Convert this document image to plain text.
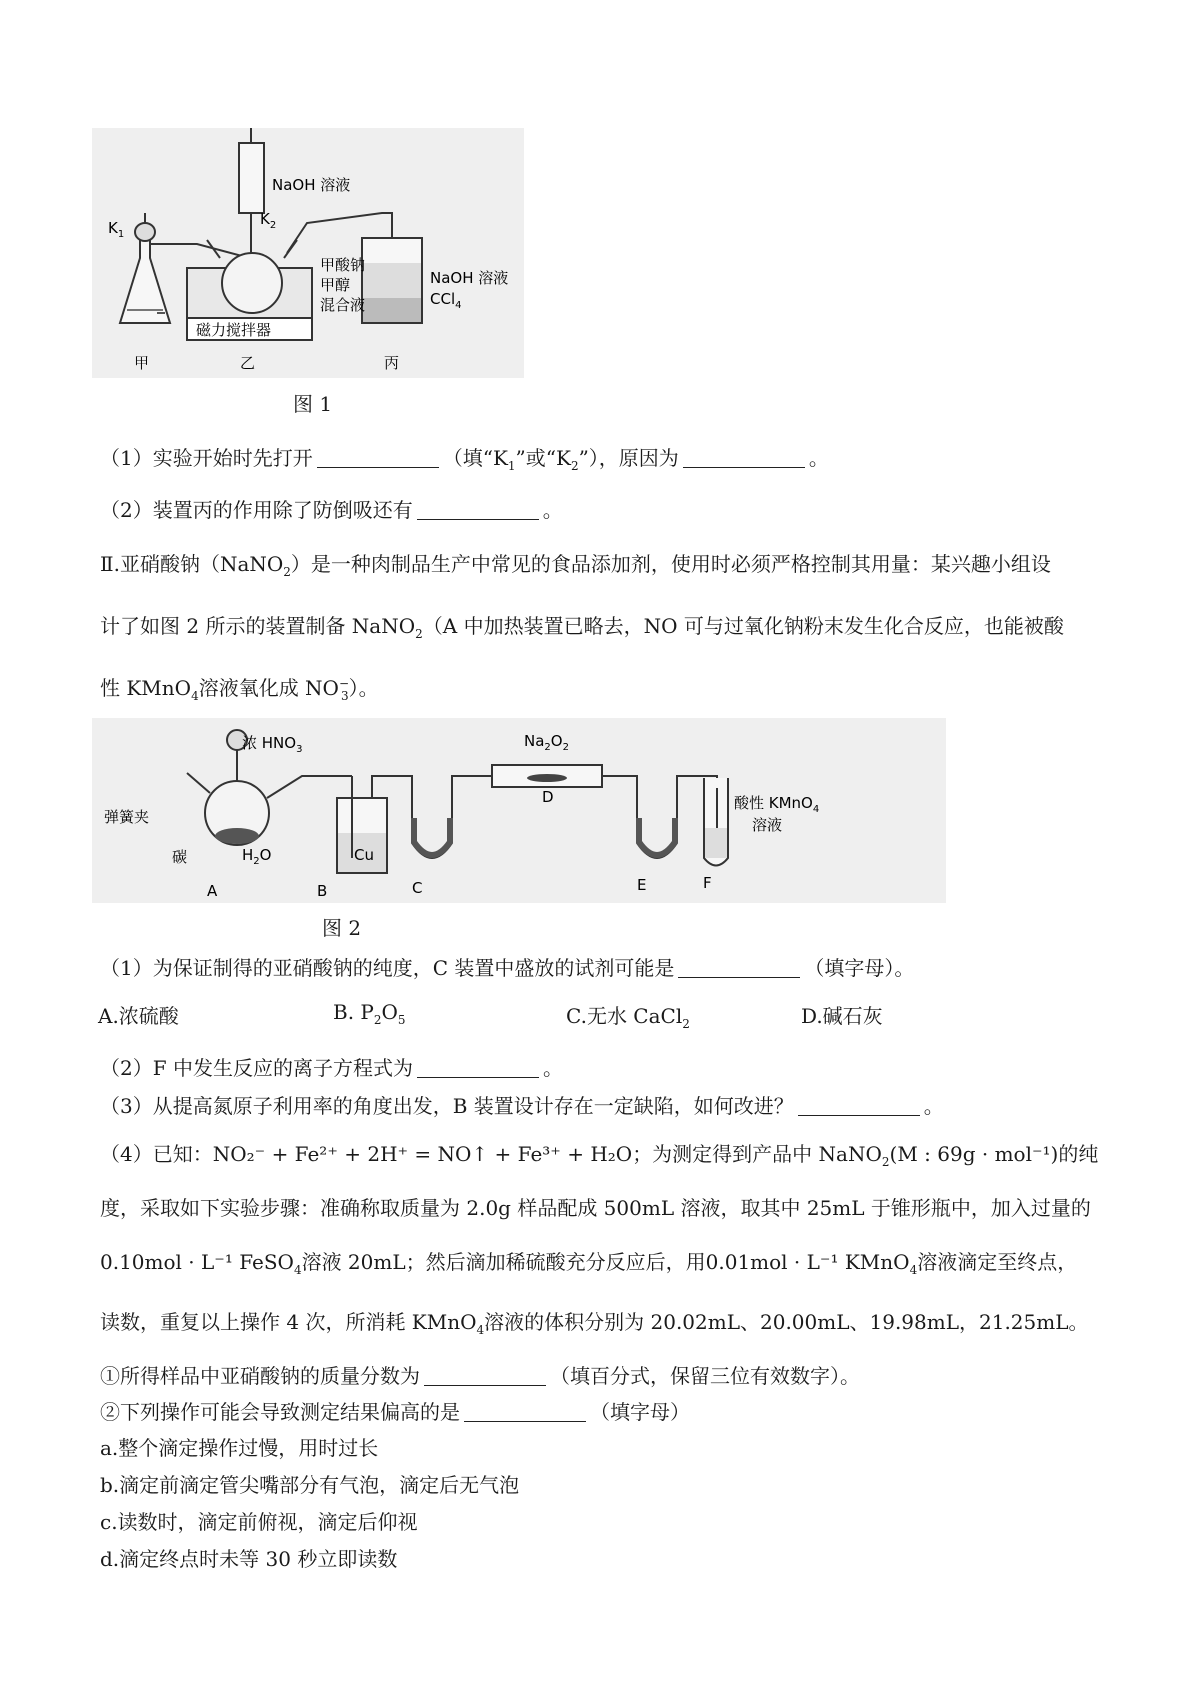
NaOH 溶液
$K_1$
$K_2$
甲酸钠
甲醇
混合液
NaOH 溶液
CCl$_4$
磁力搅拌器
甲	乙	丙
图 1
（1）实验开始时先打开	（填“$K_1$”或“$K_2$”），原因为	。
（2）装置丙的作用除了防倒吸还有	。
Ⅱ.亚硝酸钠（NaNO$_2$）是一种肉制品生产中常见的食品添加剂，使用时必须严格控制其用量：某兴趣小组设
计了如图 2 所示的装置制备 NaNO$_2$（A 中加热装置已略去，NO 可与过氧化钠粉末发生化合反应，也能被酸
性 KMnO$_4$溶液氧化成 $NO^-_3$）。
浓 $HNO_3$
弹簧夹
碳	$H_2O$	Cu
$Na_2O_2$
酸性 KMnO$_4$
溶液
A	B	C
D
E	F
图 2
（1）为保证制得的亚硝酸钠的纯度，C 装置中盛放的试剂可能是	（填字母）。
A.浓硫酸	B. $P_2O_5$	C.无水 CaCl$_2$	D.碱石灰
（2）F 中发生反应的离子方程式为	。
（3）从提高氮原子利用率的角度出发，B 装置设计存在一定缺陷，如何改进？	。
（4）已知：NO₂⁻ + Fe²⁺ + 2H⁺ = NO↑ + Fe³⁺ + H₂O；为测定得到产品中 NaNO$_2$(M : 69g · mol⁻¹)的纯
度，采取如下实验步骤：准确称取质量为 2.0g 样品配成 500mL 溶液，取其中 25mL 于锥形瓶中，加入过量的
0.10mol · L⁻¹ FeSO$_4$溶液 20mL；然后滴加稀硫酸充分反应后，用0.01mol · L⁻¹ KMnO$_4$溶液滴定至终点，
读数，重复以上操作 4 次，所消耗 KMnO$_4$溶液的体积分别为 20.02mL、20.00mL、19.98mL，21.25mL。
①所得样品中亚硝酸钠的质量分数为	（填百分式，保留三位有效数字）。
②下列操作可能会导致测定结果偏高的是	（填字母）
a.整个滴定操作过慢，用时过长
b.滴定前滴定管尖嘴部分有气泡，滴定后无气泡
c.读数时，滴定前俯视，滴定后仰视
d.滴定终点时未等 30 秒立即读数
